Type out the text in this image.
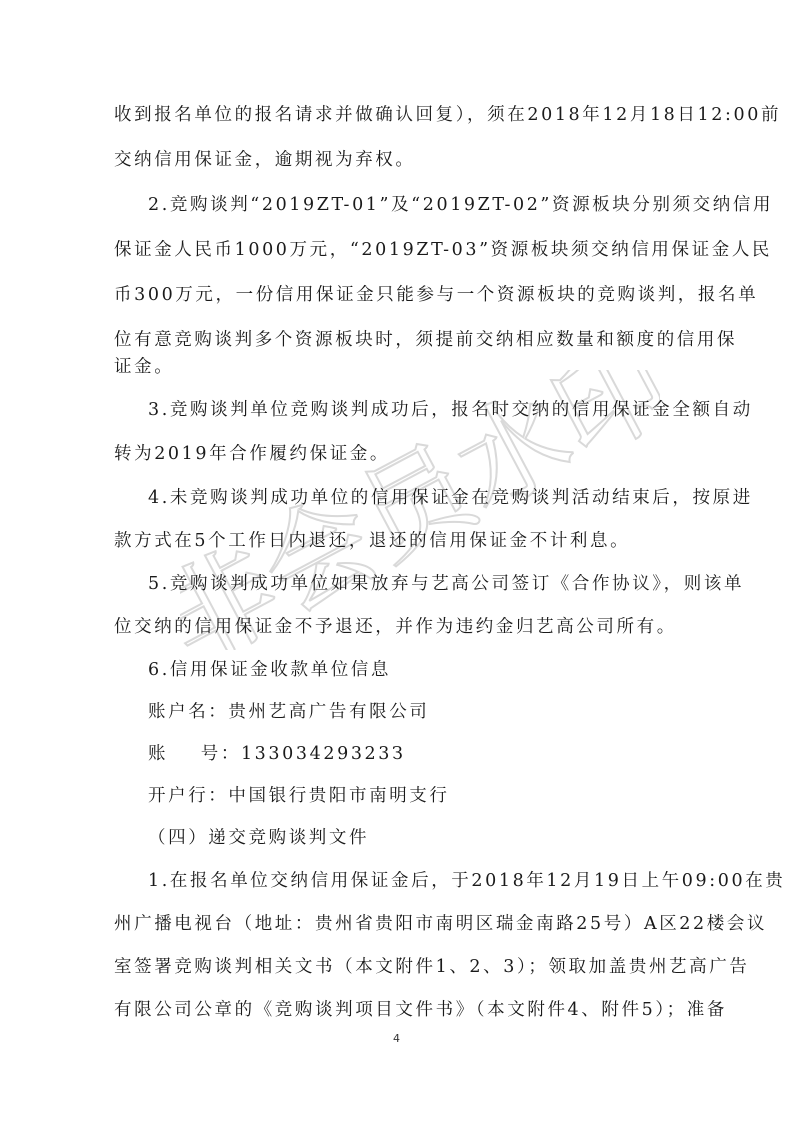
非会员水印
收到报名单位的报名请求并做确认回复），须在2018年12月18日12:00前
交纳信用保证金，逾期视为弃权。
2.竞购谈判“2019ZT-01”及“2019ZT-02”资源板块分别须交纳信用
保证金人民币1000万元，“2019ZT-03”资源板块须交纳信用保证金人民
币300万元，一份信用保证金只能参与一个资源板块的竞购谈判，报名单
位有意竞购谈判多个资源板块时，须提前交纳相应数量和额度的信用保
证金。
3.竞购谈判单位竞购谈判成功后，报名时交纳的信用保证金全额自动
转为2019年合作履约保证金。
4.未竞购谈判成功单位的信用保证金在竞购谈判活动结束后，按原进
款方式在5个工作日内退还，退还的信用保证金不计利息。
5.竞购谈判成功单位如果放弃与艺高公司签订《合作协议》，则该单
位交纳的信用保证金不予退还，并作为违约金归艺高公司所有。
6.信用保证金收款单位信息
账户名：贵州艺高广告有限公司
账    号：13303429323З
开户行：中国银行贵阳市南明支行
（四）递交竞购谈判文件
1.在报名单位交纳信用保证金后，于2018年12月19日上午09:00在贵
州广播电视台（地址：贵州省贵阳市南明区瑞金南路25号）A区22楼会议
室签署竞购谈判相关文书（本文附件1、2、3）；领取加盖贵州艺高广告
有限公司公章的《竞购谈判项目文件书》（本文附件4、附件5）；准备
4
